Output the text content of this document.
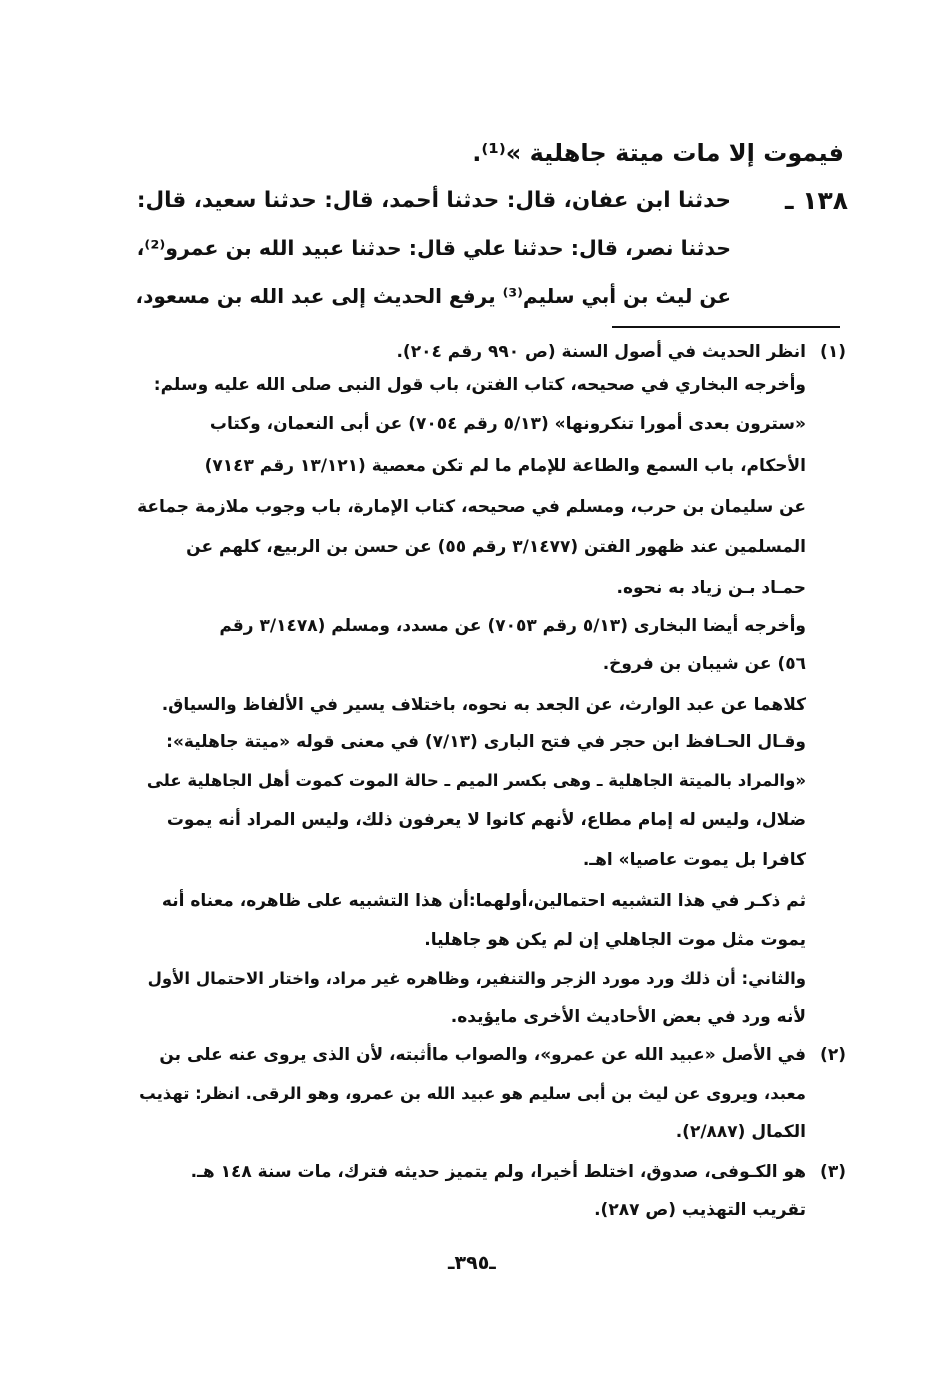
فيموت إلا مات ميتة جاهلية »⁽¹⁾.
١٣٨ ـ
حدثنا ابن عفان، قال: حدثنا أحمد، قال: حدثنا سعيد، قال:
حدثنا نصر، قال: حدثنا علي قال: حدثنا عبيد الله بن عمرو⁽²⁾،
عن ليث بن أبي سليم⁽³⁾ يرفع الحديث إلى عبد الله بن مسعود،
(١)
انظر الحديث في أصول السنة (ص ٩٩٠ رقم ٢٠٤).
وأخرجه البخاري في صحيحه، كتاب الفتن، باب قول النبى صلى الله عليه وسلم:
«سترون بعدى أمورا تنكرونها» (٥/١٣ رقم ٧٠٥٤) عن أبى النعمان، وكتاب
الأحكام، باب السمع والطاعة للإمام ما لم تكن معصية (١٣/١٢١ رقم ٧١٤٣)
عن سليمان بن حرب، ومسلم في صحيحه، كتاب الإمارة، باب وجوب ملازمة جماعة
المسلمين عند ظهور الفتن (٣/١٤٧٧ رقم ٥٥) عن حسن بن الربيع، كلهم عن
حمـاد بـن زياد به نحوه.
وأخرجه أيضا البخارى (٥/١٣ رقم ٧٠٥٣) عن مسدد، ومسلم (٣/١٤٧٨ رقم
٥٦) عن شيبان بن فروخ.
كلاهما عن عبد الوارث، عن الجعد به نحوه، باختلاف يسير في الألفاظ والسياق.
وقـال الحـافظ ابن حجر في فتح البارى (٧/١٣) في معنى قوله «ميتة جاهلية»:
«والمراد بالميتة الجاهلية ـ وهى بكسر الميم ـ حالة الموت كموت أهل الجاهلية على
ضلال، وليس له إمام مطاع، لأنهم كانوا لا يعرفون ذلك، وليس المراد أنه يموت
كافرا بل يموت عاصيا» اهـ.
ثم ذكـر في هذا التشبيه احتمالين،أولهما:أن هذا التشبيه على ظاهره، معناه أنه
يموت مثل موت الجاهلي إن لم يكن هو جاهليا.
والثاني: أن ذلك ورد مورد الزجر والتنفير، وظاهره غير مراد، واختار الاحتمال الأول
لأنه ورد في بعض الأحاديث الأخرى مايؤيده.
(٢)
في الأصل «عبيد الله عن عمرو»، والصواب ماأثبته، لأن الذى يروى عنه على بن
معبد، ويروى عن ليث بن أبى سليم هو عبيد الله بن عمرو، وهو الرقى. انظر: تهذيب
الكمال (٢/٨٨٧).
(٣)
هو الكـوفى، صدوق، اختلط أخيرا، ولم يتميز حديثه فترك، مات سنة ١٤٨ هـ.
تقريب التهذيب (ص ٢٨٧).
ـ٣٩٥ـ
